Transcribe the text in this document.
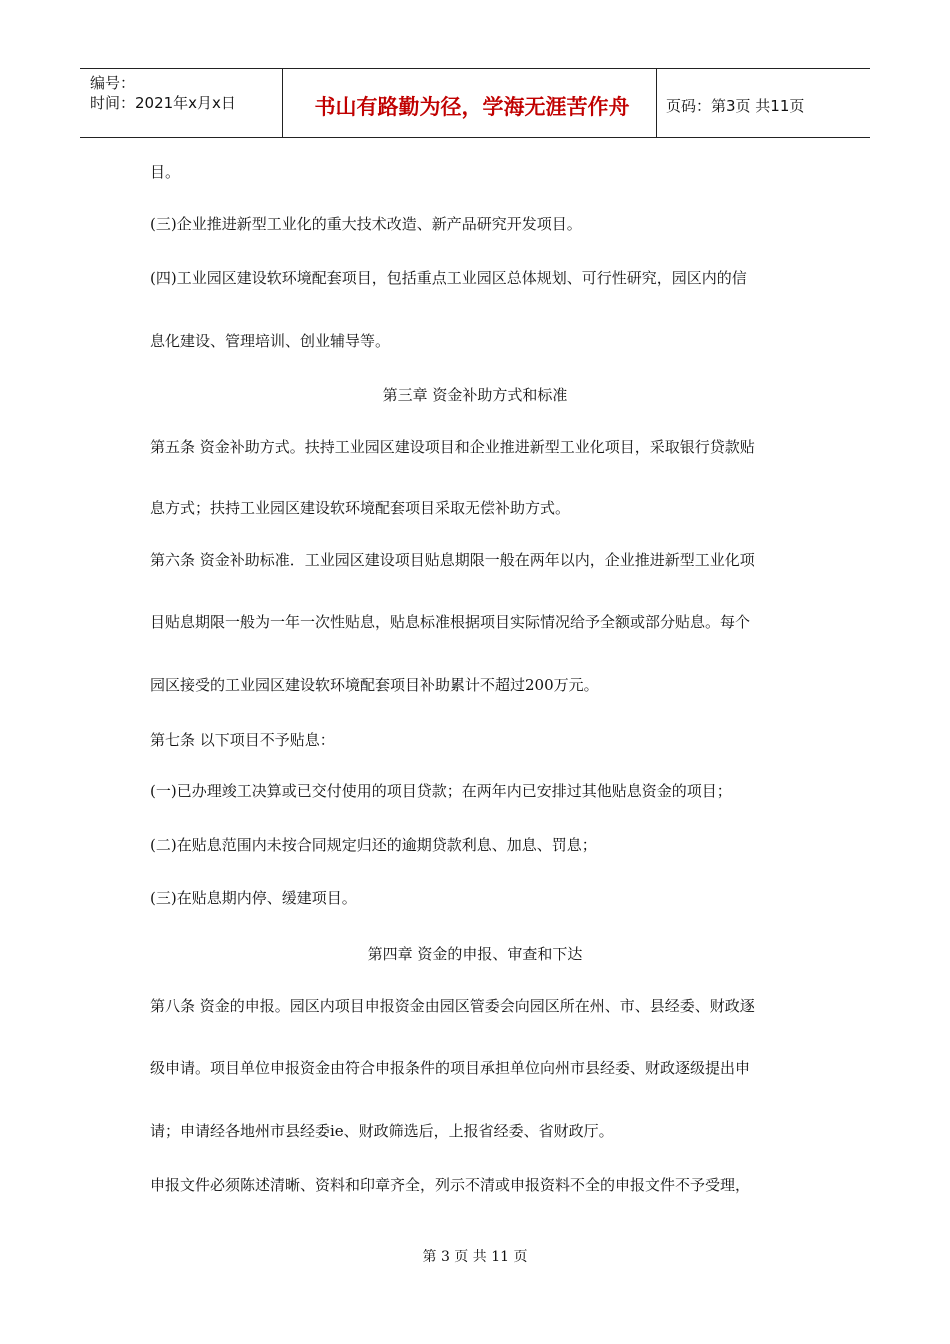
编号：
时间：2021年x月x日	书山有路勤为径，学海无涯苦作舟	页码：第3页 共11页
目。
(三)企业推进新型工业化的重大技术改造、新产品研究开发项目。
(四)工业园区建设软环境配套项目，包括重点工业园区总体规划、可行性研究，园区内的信
息化建设、管理培训、创业辅导等。
第三章 资金补助方式和标准
第五条 资金补助方式。扶持工业园区建设项目和企业推进新型工业化项目，采取银行贷款贴
息方式；扶持工业园区建设软环境配套项目采取无偿补助方式。
第六条 资金补助标准．工业园区建设项目贴息期限一般在两年以内，企业推进新型工业化项
目贴息期限一般为一年一次性贴息，贴息标准根据项目实际情况给予全额或部分贴息。每个
园区接受的工业园区建设软环境配套项目补助累计不超过200万元。
第七条 以下项目不予贴息：
(一)已办理竣工决算或已交付使用的项目贷款；在两年内已安排过其他贴息资金的项目；
(二)在贴息范围内未按合同规定归还的逾期贷款利息、加息、罚息；
(三)在贴息期内停、缓建项目。
第四章 资金的申报、审查和下达
第八条 资金的申报。园区内项目申报资金由园区管委会向园区所在州、市、县经委、财政逐
级申请。项目单位申报资金由符合申报条件的项目承担单位向州市县经委、财政逐级提出申
请；申请经各地州市县经委ie、财政筛选后，上报省经委、省财政厅。
申报文件必须陈述清晰、资料和印章齐全，列示不清或申报资料不全的申报文件不予受理，
第 3 页 共 11 页
